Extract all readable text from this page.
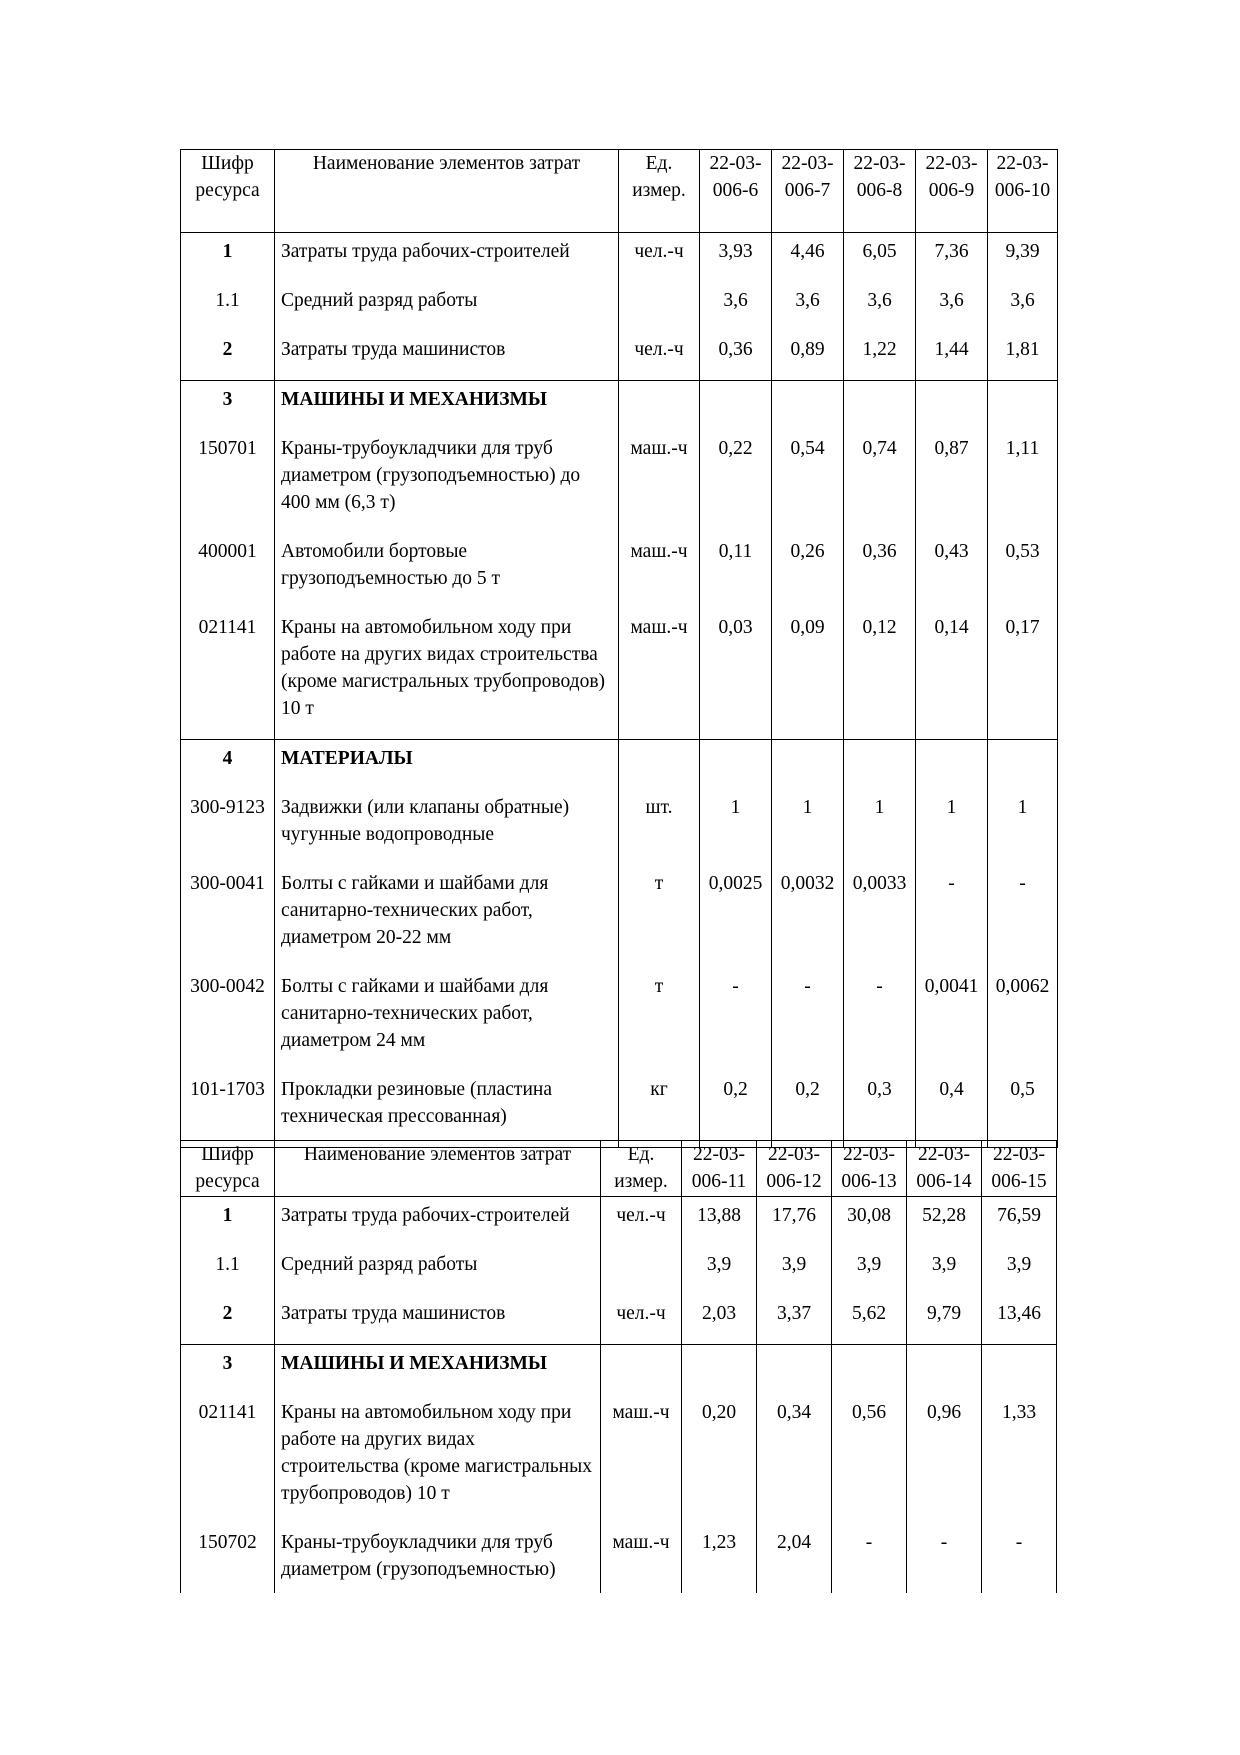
Шифр ресурса	Наименование элементов затрат	Ед. измер.	22-03-006-6	22-03-006-7	22-03-006-8	22-03-006-9	22-03-006-10
1	Затраты труда рабочих-строителей	чел.-ч	3,93	4,46	6,05	7,36	9,39
1.1	Средний разряд работы		3,6	3,6	3,6	3,6	3,6
2	Затраты труда машинистов	чел.-ч	0,36	0,89	1,22	1,44	1,81
3	МАШИНЫ И МЕХАНИЗМЫ						
150701	Краны-трубоукладчики для труб диаметром (грузоподъемностью) до 400 мм (6,3 т)	маш.-ч	0,22	0,54	0,74	0,87	1,11
400001	Автомобили бортовые грузоподъемностью до 5 т	маш.-ч	0,11	0,26	0,36	0,43	0,53
021141	Краны на автомобильном ходу при работе на других видах строительства (кроме магистральных трубопроводов) 10 т	маш.-ч	0,03	0,09	0,12	0,14	0,17
4	МАТЕРИАЛЫ						
300-9123	Задвижки (или клапаны обратные) чугунные водопроводные	шт.	1	1	1	1	1
300-0041	Болты с гайками и шайбами для санитарно-технических работ, диаметром 20-22 мм	т	0,0025	0,0032	0,0033	-	-
300-0042	Болты с гайками и шайбами для санитарно-технических работ, диаметром 24 мм	т	-	-	-	0,0041	0,0062
101-1703	Прокладки резиновые (пластина техническая прессованная)	кг	0,2	0,2	0,3	0,4	0,5
Шифр ресурса	Наименование элементов затрат	Ед. измер.	22-03-006-11	22-03-006-12	22-03-006-13	22-03-006-14	22-03-006-15
1	Затраты труда рабочих-строителей	чел.-ч	13,88	17,76	30,08	52,28	76,59
1.1	Средний разряд работы		3,9	3,9	3,9	3,9	3,9
2	Затраты труда машинистов	чел.-ч	2,03	3,37	5,62	9,79	13,46
3	МАШИНЫ И МЕХАНИЗМЫ						
021141	Краны на автомобильном ходу при работе на других видах строительства (кроме магистральных трубопроводов) 10 т	маш.-ч	0,20	0,34	0,56	0,96	1,33
150702	Краны-трубоукладчики для труб диаметром (грузоподъемностью)	маш.-ч	1,23	2,04	-	-	-
